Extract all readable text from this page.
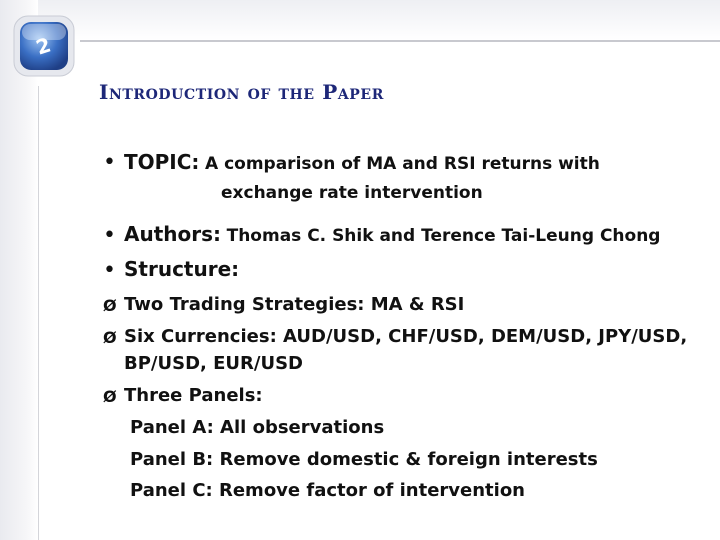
2
Introduction of the Paper
• TOPIC: A comparison of MA and RSI returns with
exchange rate intervention
• Authors: Thomas C. Shik and Terence Tai-Leung Chong
• Structure:
Ø Two Trading Strategies: MA & RSI
Ø Six Currencies: AUD/USD, CHF/USD, DEM/USD, JPY/USD,
BP/USD, EUR/USD
Ø Three Panels:
Panel A: All observations
Panel B: Remove domestic & foreign interests
Panel C: Remove factor of intervention
